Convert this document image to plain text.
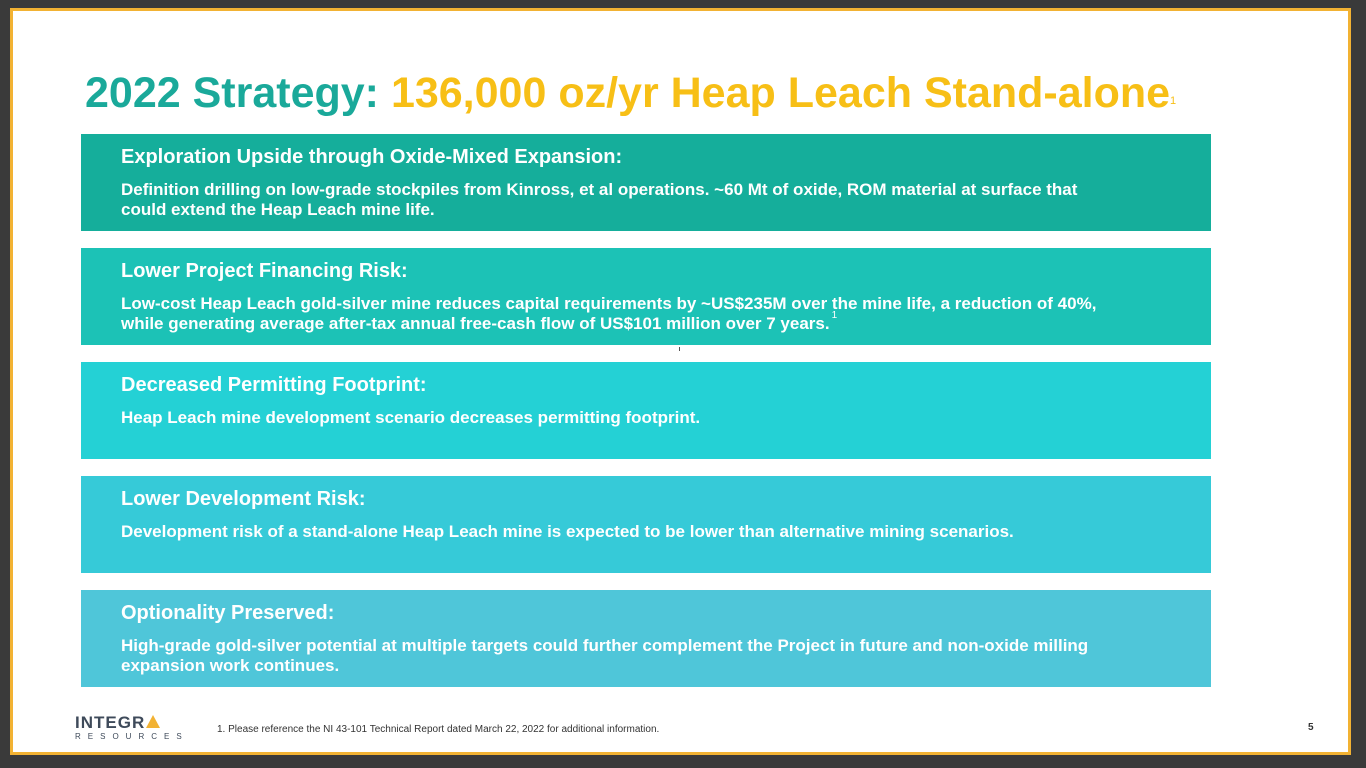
2022 Strategy: 136,000 oz/yr Heap Leach Stand-alone$^1$
Exploration Upside through Oxide-Mixed Expansion:

Definition drilling on low-grade stockpiles from Kinross, et al operations. ~60 Mt of oxide, ROM material at surface that could extend the Heap Leach mine life.

Lower Project Financing Risk:

Low-cost Heap Leach gold-silver mine reduces capital requirements by ~US$235M over the mine life, a reduction of 40%, while generating average after-tax annual free-cash flow of US$101 million over 7 years. $^1$

Decreased Permitting Footprint:

Heap Leach mine development scenario decreases permitting footprint.

Lower Development Risk:

Development risk of a stand-alone Heap Leach mine is expected to be lower than alternative mining scenarios.

Optionality Preserved:

High-grade gold-silver potential at multiple targets could further complement the Project in future and non-oxide milling expansion work continues.

INTEGR
RESOURCES
1. Please reference the NI 43-101 Technical Report dated March 22, 2022 for additional information.	5
